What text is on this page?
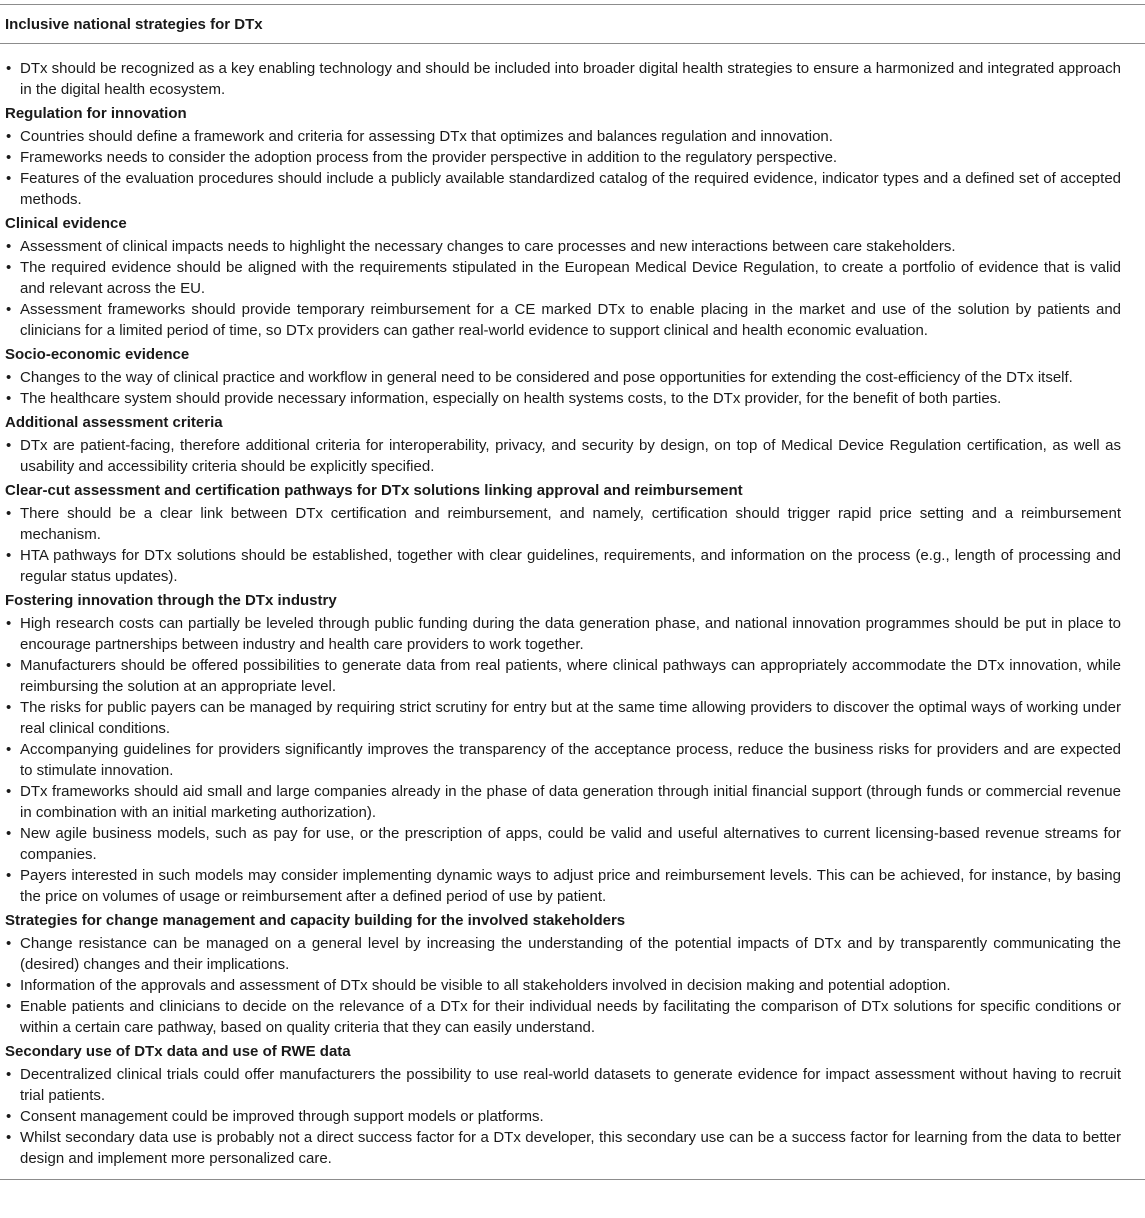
Inclusive national strategies for DTx
• DTx should be recognized as a key enabling technology and should be included into broader digital health strategies to ensure a harmonized and integrated approach in the digital health ecosystem.
Regulation for innovation
• Countries should define a framework and criteria for assessing DTx that optimizes and balances regulation and innovation.
• Frameworks needs to consider the adoption process from the provider perspective in addition to the regulatory perspective.
• Features of the evaluation procedures should include a publicly available standardized catalog of the required evidence, indicator types and a defined set of accepted methods.
Clinical evidence
• Assessment of clinical impacts needs to highlight the necessary changes to care processes and new interactions between care stakeholders.
• The required evidence should be aligned with the requirements stipulated in the European Medical Device Regulation, to create a portfolio of evidence that is valid and relevant across the EU.
• Assessment frameworks should provide temporary reimbursement for a CE marked DTx to enable placing in the market and use of the solution by patients and clinicians for a limited period of time, so DTx providers can gather real-world evidence to support clinical and health economic evaluation.
Socio-economic evidence
• Changes to the way of clinical practice and workflow in general need to be considered and pose opportunities for extending the cost-efficiency of the DTx itself.
• The healthcare system should provide necessary information, especially on health systems costs, to the DTx provider, for the benefit of both parties.
Additional assessment criteria
• DTx are patient-facing, therefore additional criteria for interoperability, privacy, and security by design, on top of Medical Device Regulation certification, as well as usability and accessibility criteria should be explicitly specified.
Clear-cut assessment and certification pathways for DTx solutions linking approval and reimbursement
• There should be a clear link between DTx certification and reimbursement, and namely, certification should trigger rapid price setting and a reimbursement mechanism.
• HTA pathways for DTx solutions should be established, together with clear guidelines, requirements, and information on the process (e.g., length of processing and regular status updates).
Fostering innovation through the DTx industry
• High research costs can partially be leveled through public funding during the data generation phase, and national innovation programmes should be put in place to encourage partnerships between industry and health care providers to work together.
• Manufacturers should be offered possibilities to generate data from real patients, where clinical pathways can appropriately accommodate the DTx innovation, while reimbursing the solution at an appropriate level.
• The risks for public payers can be managed by requiring strict scrutiny for entry but at the same time allowing providers to discover the optimal ways of working under real clinical conditions.
• Accompanying guidelines for providers significantly improves the transparency of the acceptance process, reduce the business risks for providers and are expected to stimulate innovation.
• DTx frameworks should aid small and large companies already in the phase of data generation through initial financial support (through funds or commercial revenue in combination with an initial marketing authorization).
• New agile business models, such as pay for use, or the prescription of apps, could be valid and useful alternatives to current licensing-based revenue streams for companies.
• Payers interested in such models may consider implementing dynamic ways to adjust price and reimbursement levels. This can be achieved, for instance, by basing the price on volumes of usage or reimbursement after a defined period of use by patient.
Strategies for change management and capacity building for the involved stakeholders
• Change resistance can be managed on a general level by increasing the understanding of the potential impacts of DTx and by transparently communicating the (desired) changes and their implications.
• Information of the approvals and assessment of DTx should be visible to all stakeholders involved in decision making and potential adoption.
• Enable patients and clinicians to decide on the relevance of a DTx for their individual needs by facilitating the comparison of DTx solutions for specific conditions or within a certain care pathway, based on quality criteria that they can easily understand.
Secondary use of DTx data and use of RWE data
• Decentralized clinical trials could offer manufacturers the possibility to use real-world datasets to generate evidence for impact assessment without having to recruit trial patients.
• Consent management could be improved through support models or platforms.
• Whilst secondary data use is probably not a direct success factor for a DTx developer, this secondary use can be a success factor for learning from the data to better design and implement more personalized care.
